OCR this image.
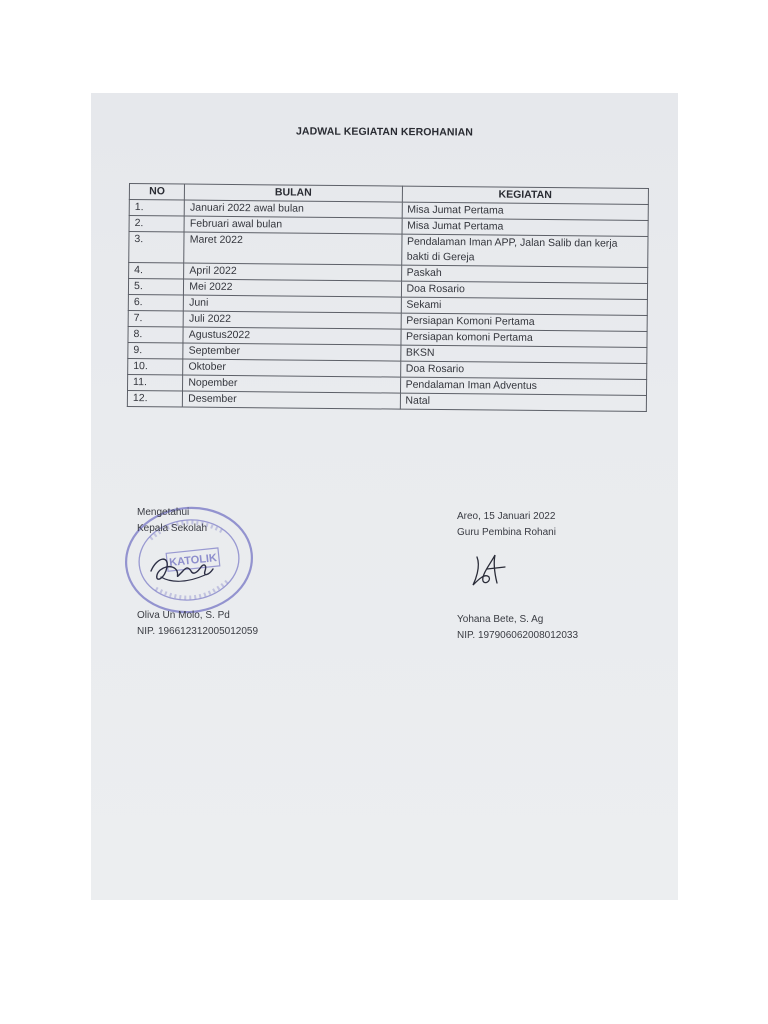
JADWAL KEGIATAN KEROHANIAN
NO	BULAN	KEGIATAN
1.	Januari 2022 awal bulan	Misa Jumat Pertama
2.	Februari awal bulan	Misa Jumat Pertama
3.	Maret 2022	Pendalaman Iman APP, Jalan Salib dan kerja bakti di Gereja
4.	April 2022	Paskah
5.	Mei 2022	Doa Rosario
6.	Juni	Sekami
7.	Juli 2022	Persiapan Komoni Pertama
8.	Agustus2022	Persiapan komoni Pertama
9.	September	BKSN
10.	Oktober	Doa Rosario
11.	Nopember	Pendalaman Iman Adventus
12.	Desember	Natal
KATOLIK
Mengetahui
Kepala Sekolah
Oliva Un Molo, S. Pd
NIP. 196612312005012059
Areo, 15 Januari 2022
Guru Pembina Rohani
Yohana Bete, S. Ag
NIP. 197906062008012033
